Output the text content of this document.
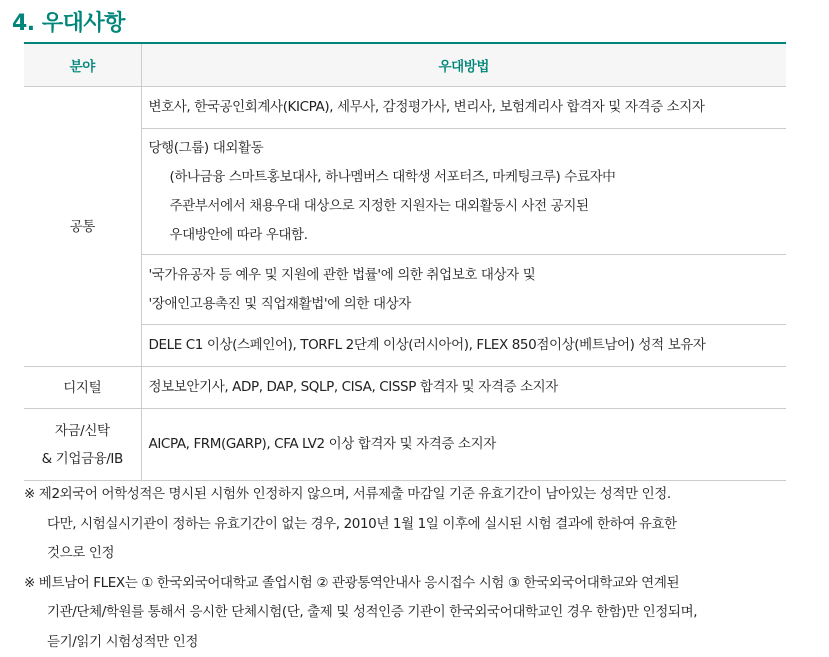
4. 우대사항
분야	우대방법
공통	변호사, 한국공인회계사(KICPA), 세무사, 감정평가사, 변리사, 보험계리사 합격자 및 자격증 소지자

	당행(그룹) 대외활동
(하나금융 스마트홍보대사, 하나멤버스 대학생 서포터즈, 마케팅크루) 수료자中
주관부서에서 채용우대 대상으로 지정한 지원자는 대외활동시 사전 공지된
우대방안에 따라 우대함.

	'국가유공자 등 예우 및 지원에 관한 법률'에 의한 취업보호 대상자 및
'장애인고용촉진 및 직업재활법'에 의한 대상자

	DELE C1 이상(스페인어), TORFL 2단계 이상(러시아어), FLEX 850점이상(베트남어) 성적 보유자

디지털	정보보안기사, ADP, DAP, SQLP, CISA, CISSP 합격자 및 자격증 소지자

자금/신탁
& 기업금융/IB	AICPA, FRM(GARP), CFA LV2 이상 합격자 및 자격증 소지자
※ 제2외국어 어학성적은 명시된 시험外 인정하지 않으며, 서류제출 마감일 기준 유효기간이 남아있는 성적만 인정.
다만, 시험실시기관이 정하는 유효기간이 없는 경우, 2010년 1월 1일 이후에 실시된 시험 결과에 한하여 유효한
것으로 인정
※ 베트남어 FLEX는 ① 한국외국어대학교 졸업시험 ② 관광통역안내사 응시접수 시험 ③ 한국외국어대학교와 연계된
기관/단체/학원를 통해서 응시한 단체시험(단, 출제 및 성적인증 기관이 한국외국어대학교인 경우 한함)만 인정되며,
듣기/읽기 시험성적만 인정
